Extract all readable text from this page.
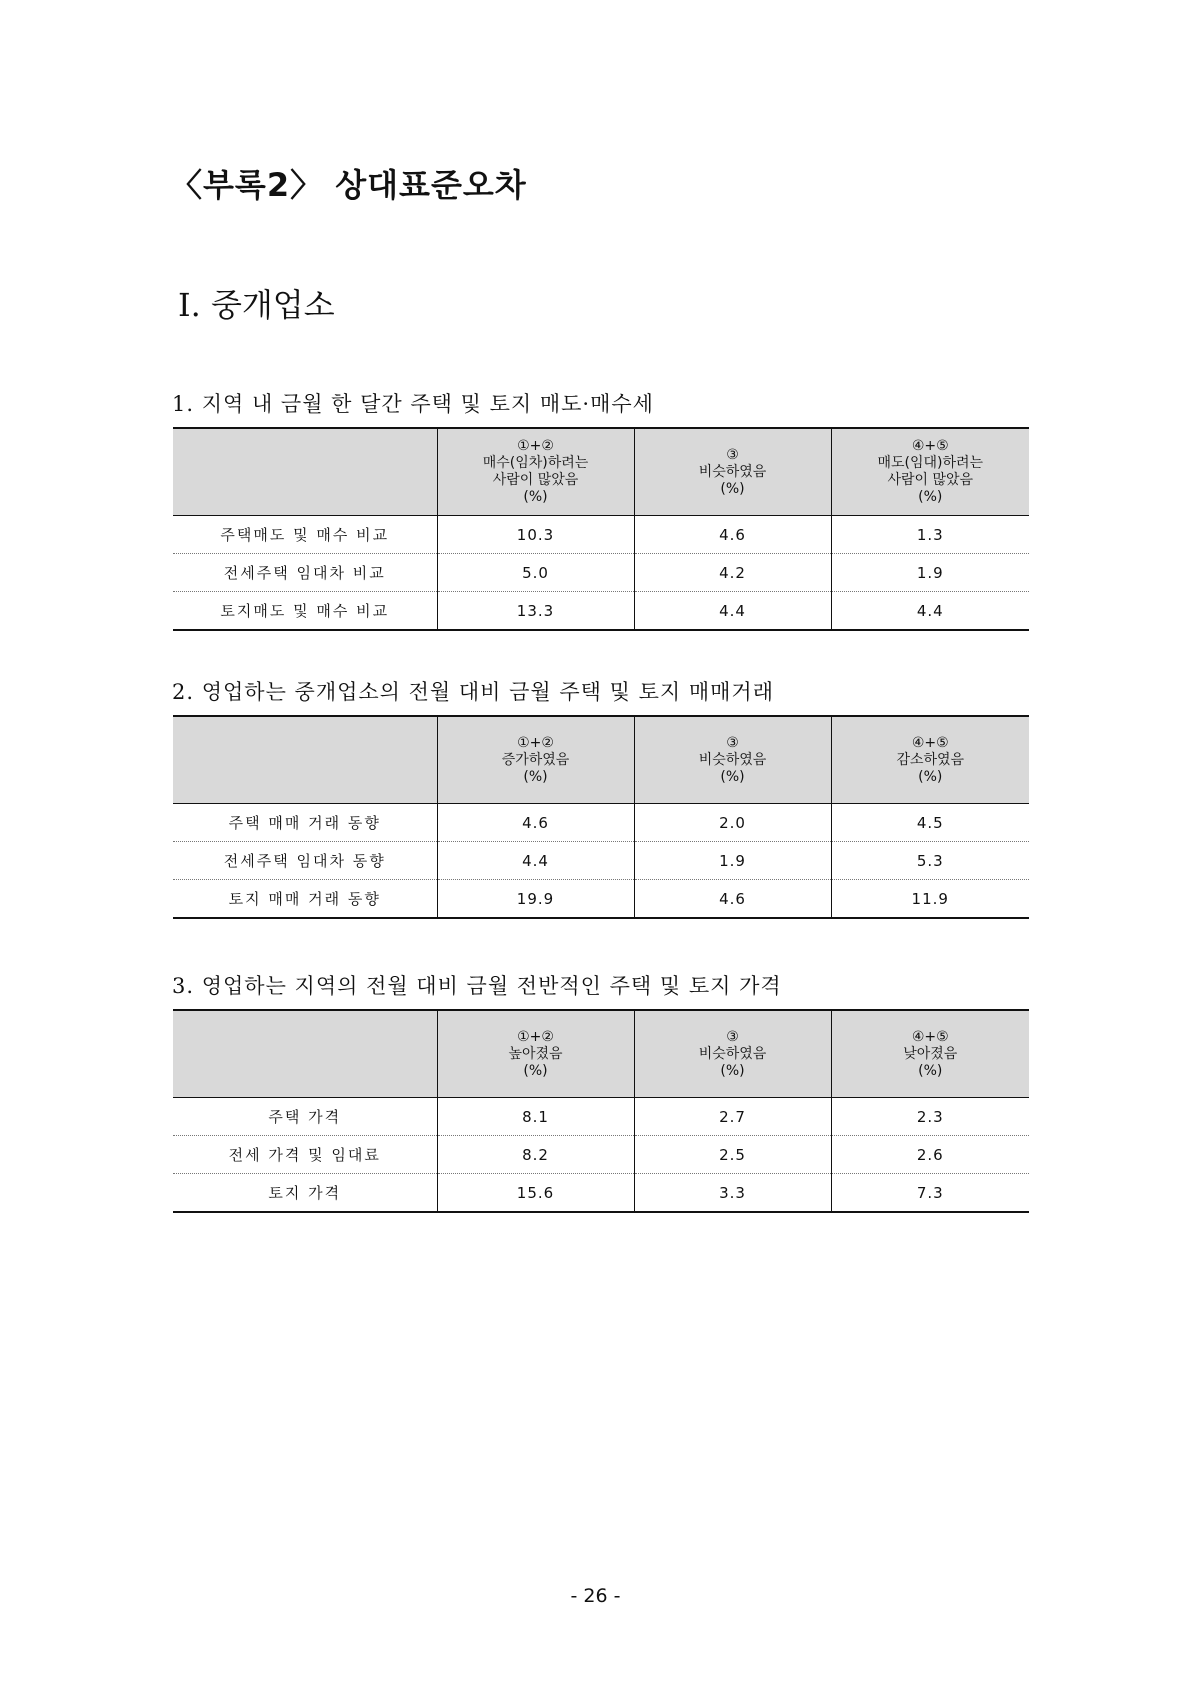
〈부록2〉 상대표준오차
Ⅰ. 중개업소
1. 지역 내 금월 한 달간 주택 및 토지 매도·매수세

	①+②
매수(임차)하려는
사람이 많았음
(%)	③
비슷하였음
(%)	④+⑤
매도(임대)하려는
사람이 많았음
(%)

주택매도 및 매수 비교	10.3	4.6	1.3
전세주택 임대차 비교	5.0	4.2	1.9
토지매도 및 매수 비교	13.3	4.4	4.4
2. 영업하는 중개업소의 전월 대비 금월 주택 및 토지 매매거래

	①+②
증가하였음
(%)	③
비슷하였음
(%)	④+⑤
감소하였음
(%)

주택 매매 거래 동향	4.6	2.0	4.5
전세주택 임대차 동향	4.4	1.9	5.3
토지 매매 거래 동향	19.9	4.6	11.9
3. 영업하는 지역의 전월 대비 금월 전반적인 주택 및 토지 가격

	①+②
높아졌음
(%)	③
비슷하였음
(%)	④+⑤
낮아졌음
(%)

주택 가격	8.1	2.7	2.3
전세 가격 및 임대료	8.2	2.5	2.6
토지 가격	15.6	3.3	7.3
- 26 -
